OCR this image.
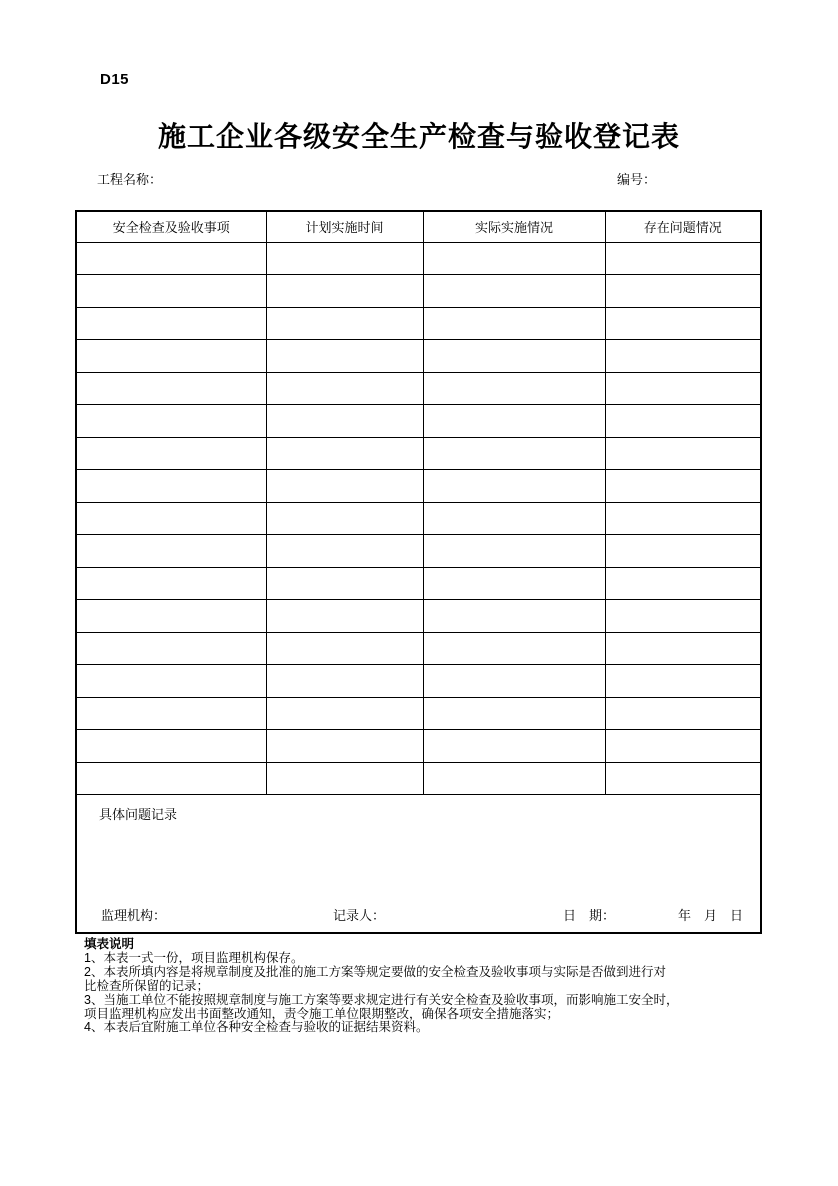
D15
施工企业各级安全生产检查与验收登记表
工程名称：	编号：
安全检查及验收事项	计划实施时间	实际实施情况	存在问题情况

具体问题记录
监理机构： 记录人： 日　期： 年　月　日			
填表说明
1、本表一式一份，项目监理机构保存。
2、本表所填内容是将规章制度及批准的施工方案等规定要做的安全检查及验收事项与实际是否做到进行对
比检查所保留的记录；
3、当施工单位不能按照规章制度与施工方案等要求规定进行有关安全检查及验收事项，而影响施工安全时，
项目监理机构应发出书面整改通知，责令施工单位限期整改，确保各项安全措施落实；
4、本表后宜附施工单位各种安全检查与验收的证据结果资料。
